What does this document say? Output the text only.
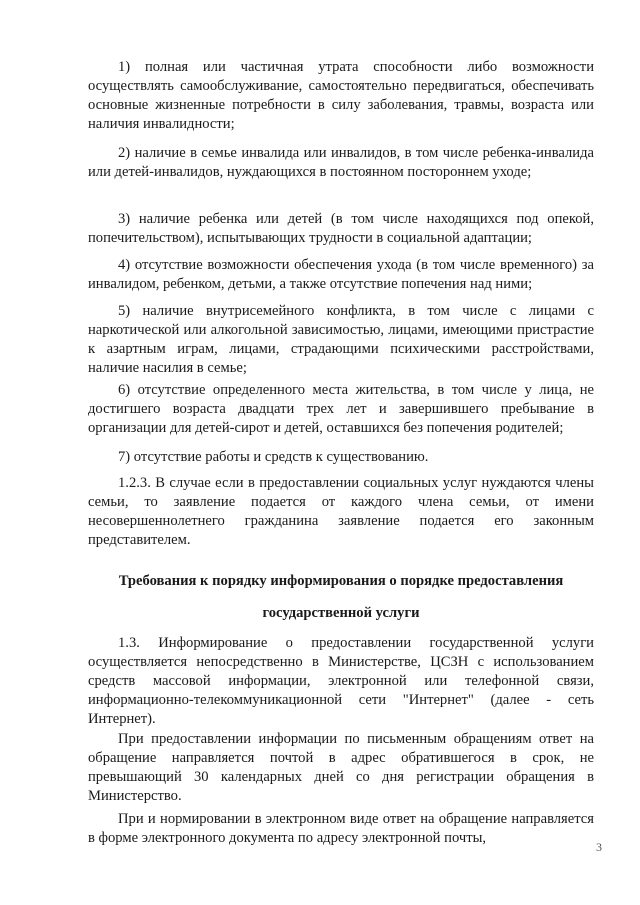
1) полная или частичная утрата способности либо возможности осуществлять самообслуживание, самостоятельно передвигаться, обеспечивать основные жизненные потребности в силу заболевания, травмы, возраста или наличия инвалидности;

2) наличие в семье инвалида или инвалидов, в том числе ребенка-инвалида или детей-инвалидов, нуждающихся в постоянном постороннем уходе;

3) наличие ребенка или детей (в том числе находящихся под опекой, попечительством), испытывающих трудности в социальной адаптации;

4) отсутствие возможности обеспечения ухода (в том числе временного) за инвалидом, ребенком, детьми, а также отсутствие попечения над ними;

5) наличие внутрисемейного конфликта, в том числе с лицами с наркотической или алкогольной зависимостью, лицами, имеющими пристрастие к азартным играм, лицами, страдающими психическими расстройствами, наличие насилия в семье;

6) отсутствие определенного места жительства, в том числе у лица, не достигшего возраста двадцати трех лет и завершившего пребывание в организации для детей-сирот и детей, оставшихся без попечения родителей;

7) отсутствие работы и средств к существованию.

1.2.3. В случае если в предоставлении социальных услуг нуждаются члены семьи, то заявление подается от каждого члена семьи, от имени несовершеннолетнего гражданина заявление подается его законным представителем.

Требования к порядку информирования о порядке предоставления

государственной услуги

1.3. Информирование о предоставлении государственной услуги осуществляется непосредственно в Министерстве, ЦСЗН с использованием средств массовой информации, электронной или телефонной связи, информационно-телекоммуникационной сети "Интернет" (далее - сеть Интернет).

При предоставлении информации по письменным обращениям ответ на обращение направляется почтой в адрес обратившегося в срок, не превышающий 30 календарных дней со дня регистрации обращения в Министерство.

При и нормировании в электронном виде ответ на обращение направляется в форме электронного документа по адресу электронной почты,

3
